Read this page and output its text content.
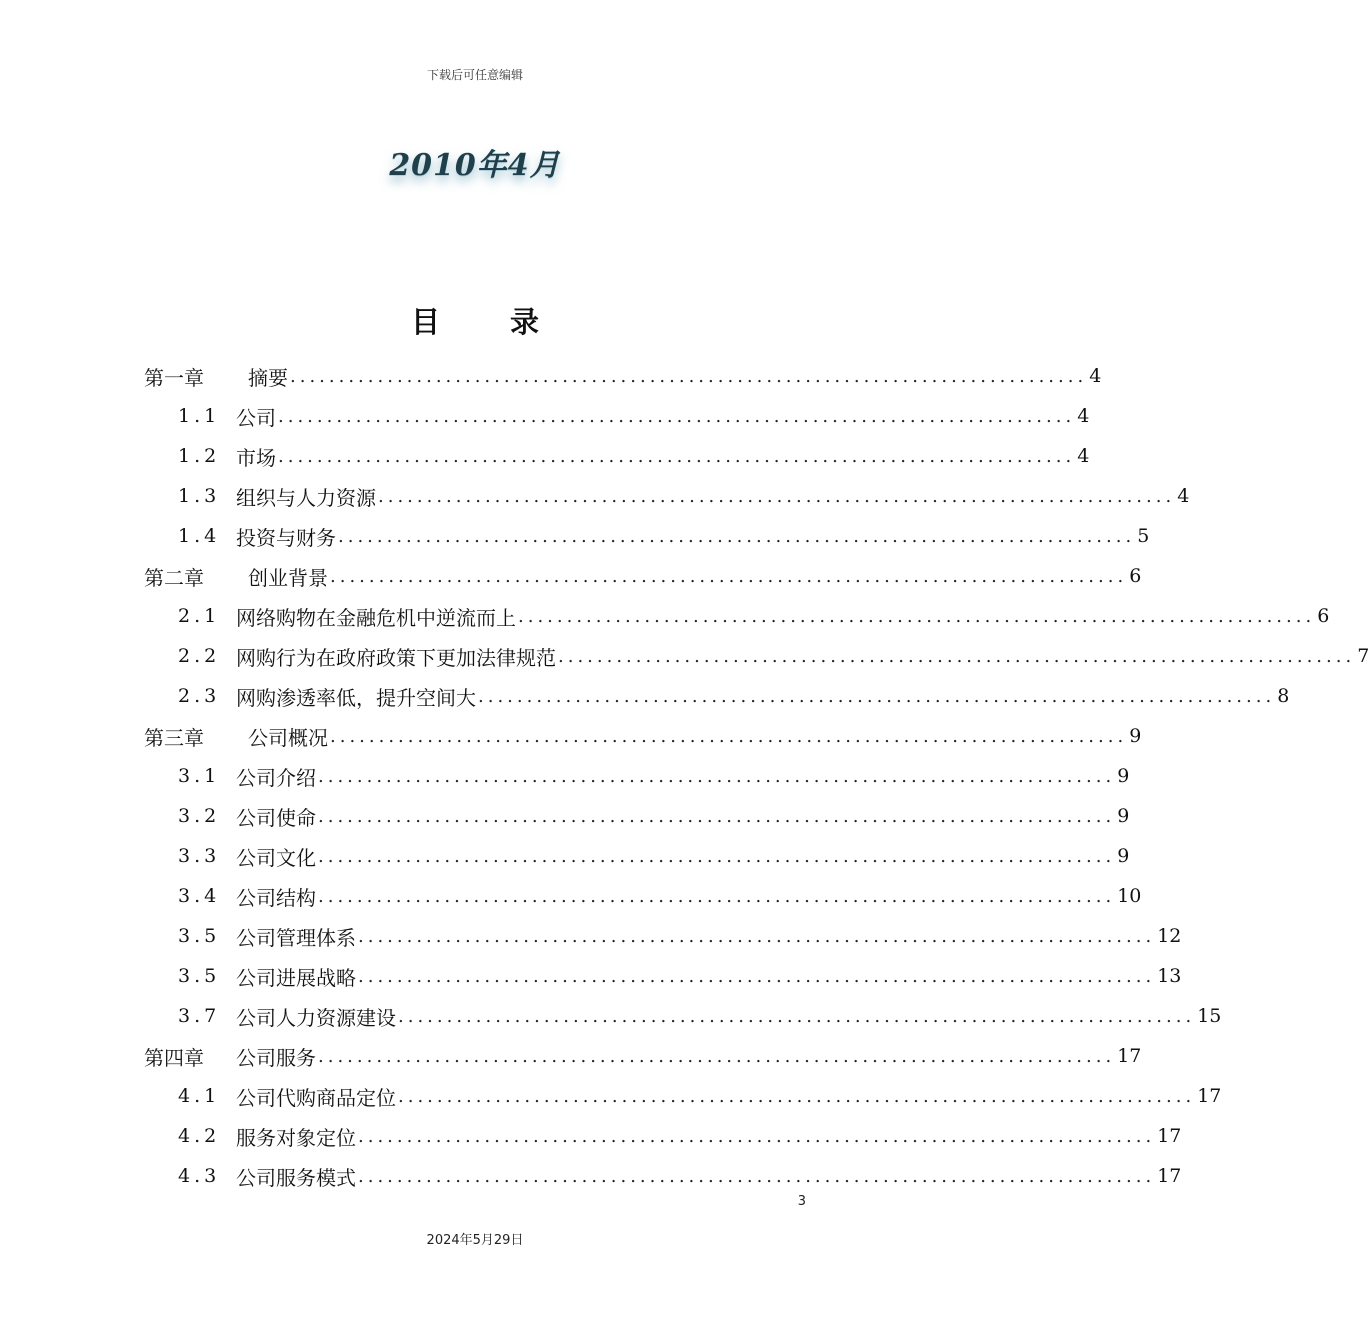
下载后可任意编辑
2010年4月
目 录
第一章 摘要 .................................................................................. 4
1.1 公司 .................................................................................. 4
1.2 市场 .................................................................................. 4
1.3 组织与人力资源 .................................................................................. 4
1.4 投资与财务 .................................................................................. 5
第二章 创业背景 .................................................................................. 6
2.1 网络购物在金融危机中逆流而上 .................................................................................. 6
2.2 网购行为在政府政策下更加法律规范 .................................................................................. 7
2.3 网购渗透率低，提升空间大 .................................................................................. 8
第三章 公司概况 .................................................................................. 9
3.1 公司介绍 .................................................................................. 9
3.2 公司使命 .................................................................................. 9
3.3 公司文化 .................................................................................. 9
3.4 公司结构 .................................................................................. 10
3.5 公司管理体系 .................................................................................. 12
3.5 公司进展战略 .................................................................................. 13
3.7 公司人力资源建设 .................................................................................. 15
第四章 公司服务 .................................................................................. 17
4.1 公司代购商品定位 .................................................................................. 17
4.2 服务对象定位 .................................................................................. 17
4.3 公司服务模式 .................................................................................. 17
3
2024年5月29日
